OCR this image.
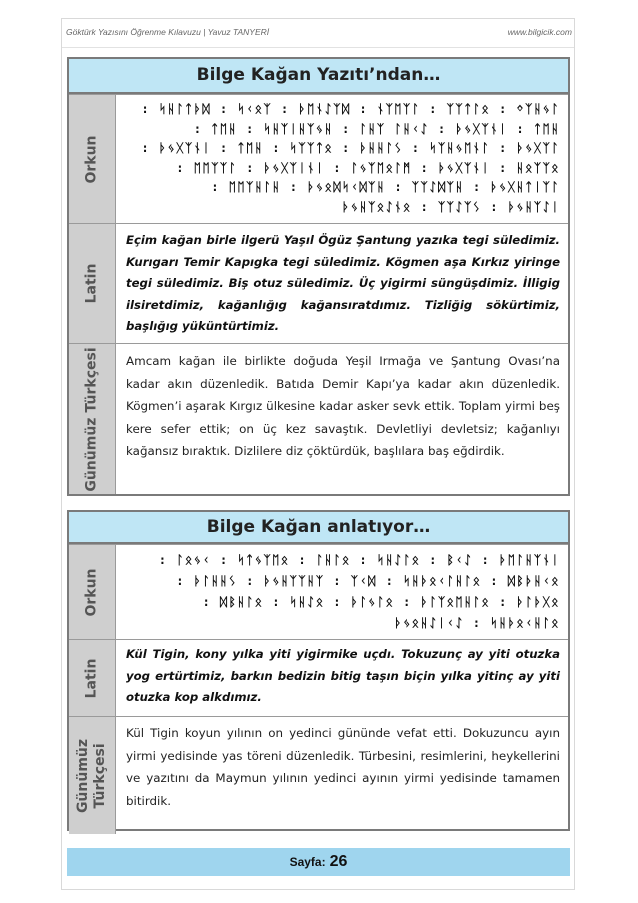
Göktürk Yazısını Öğrenme Kılavuzu | Yavuz TANYERİ	www.bilgicik.com
Bilge Kağan Yazıtı’ndan…
Orkun
: ᛋᚺᛚᛏᚦᛞ : ᛋᚲᛟᛉ : ᚦᛖᚾᛇᛉᛞ : ᚾᛉᛖᛉᛚ : ᛉᛉᛏᛚᛟ : ᛜᛉᚺᛃᛚ
: ᛏᛖᚺ : ᛋᚺᛉᛁᚺᛉᛃᚺ : ᛚᚺᛉ ᛚᚺᚲᛇ : ᚦᛃᚷᛉᚾᛁ : ᛏᛖᚺ
: ᚦᛃᚷᛉᚾᛁ : ᛏᛖᚺ : ᛋᛉᛉᛏᛟ : ᚦᚺᚺᛚᛊ : ᛋᛉᚺᛃᛖᚾᛚ : ᚦᛃᚷᛉᛚ
: ᛖᛖᛉᛉᛚ : ᚦᛃᚷᛉᛁᚾᛁ : ᛚᛃᛉᛖᛟᛚᛗ : ᚦᛃᚷᛉᚾᛁ : ᚺᛟᛉᛉᛟ
: ᛖᛖᛉᚺᛚᚺ : ᚦᛃᛟᛞᛋᚲᛞᛉᚺ : ᛉᛉᛇᛞᛉᚺ : ᚦᛃᚷᚺᛏᛁᛉᛚ
ᚦᛃᚺᛉᛟᛇᚾᛟ : ᛉᛉᛇᛉᛊ : ᚦᛃᚺᛉᛇᛁ
Latin
Eçim kağan birle ilgerü Yaşıl Ögüz Şantung yazıka tegi süledimiz. Kurıgarı Temir Kapıgka tegi süledimiz. Kögmen aşa Kırkız yiringe tegi süledimiz. Biş otuz süledimiz. Üç yigirmi süngüşdimiz. İlligig ilsiretdimiz, kağanlığıg kağansıratdımız. Tizliğig sökürtimiz, başlığıg yüküntürtimiz.
Günümüz Türkçesi	Amcam kağan ile birlikte doğuda Yeşil Irmağa ve Şantung Ovası’na kadar akın düzenledik. Batıda Demir Kapı’ya kadar akın düzenledik. Kögmen’i aşarak Kırgız ülkesine kadar asker sevk ettik. Toplam yirmi beş kere sefer ettik; on üç kez savaştık. Devletliyi devletsiz; kağanlıyı kağansız bıraktık. Dizlilere diz çöktürdük, başlılara baş eğdirdik.
Bilge Kağan anlatıyor…
Orkun
: ᛚᛟᛃᚲ : ᛋᛏᛃᛉᛖᛟ : ᛚᚺᛚᛟ : ᛋᚺᛇᛚᛟ : ᛒᚲᛇ : ᚦᛖᛚᚺᛉᚾᛁ
: ᚦᛚᚺᚺᛊ : ᚦᛃᚺᛉᛉᚺᛉ : ᛉᚲᛞ : ᛋᚺᚦᛟᚲᛚᚺᛚᛟ : ᛞᛒᚦᚺᚲᛟ
: ᛞᛒᚺᛚᛟ : ᛋᚺᛇᛟ : ᚦᛚᛃᛚᛟ : ᚦᛚᛉᛟᛖᚺᛚᛟ : ᚦᛚᚦᚷᛟ
ᚦᛃᛟᚺᛇᛁᚲᛇ : ᛋᚺᚦᛟᚲᚺᛚᛟ
Latin
Kül Tigin, kony yılka yiti yigirmike uçdı. Tokuzunç ay yiti otuzka yog ertürtimiz, barkın bedizin bitig taşın biçin yılka yitinç ay yiti otuzka kop alkdımız.
Günümüz
Türkçesi
Kül Tigin koyun yılının on yedinci gününde vefat etti. Dokuzuncu ayın yirmi yedisinde yas töreni düzenledik. Türbesini, resimlerini, heykellerini ve yazıtını da Maymun yılının yedinci ayının yirmi yedisinde tamamen bitirdik.
Sayfa: 26
